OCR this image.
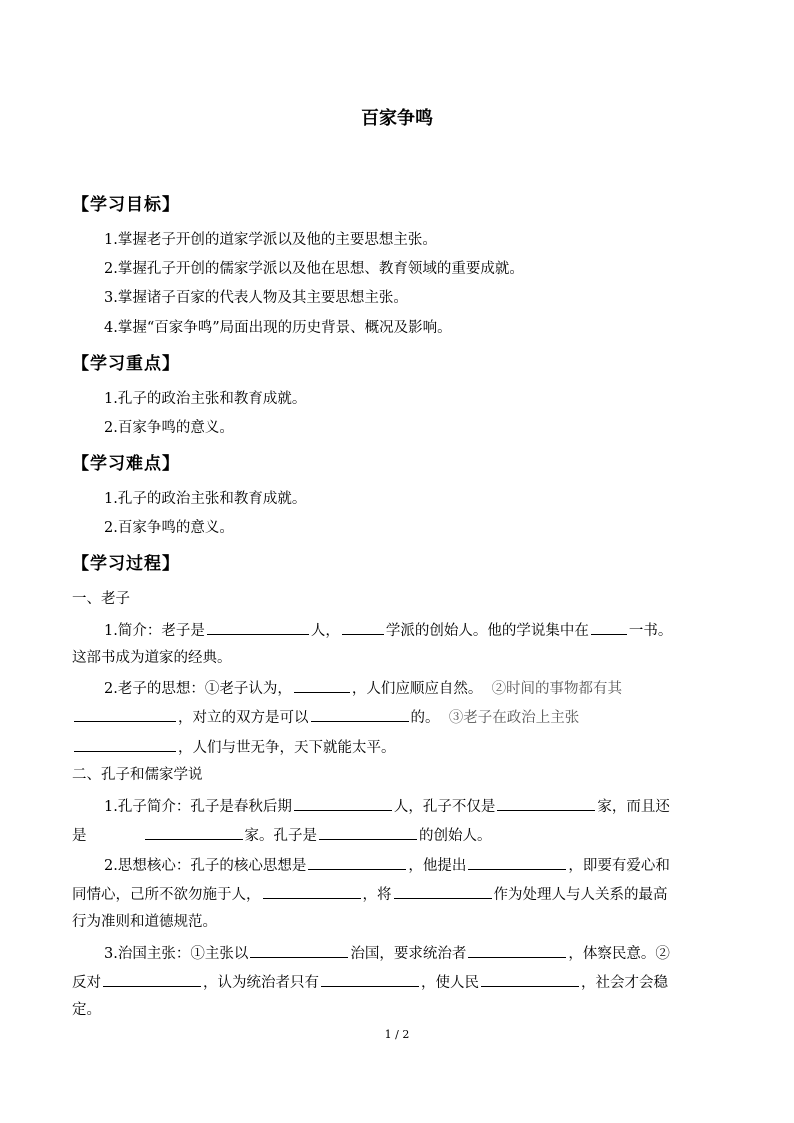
百家争鸣
【学习目标】
1.掌握老子开创的道家学派以及他的主要思想主张。
2.掌握孔子开创的儒家学派以及他在思想、教育领域的重要成就。
3.掌握诸子百家的代表人物及其主要思想主张。
4.掌握“百家争鸣”局面出现的历史背景、概况及影响。
【学习重点】
1.孔子的政治主张和教育成就。
2.百家争鸣的意义。
【学习难点】
1.孔子的政治主张和教育成就。
2.百家争鸣的意义。
【学习过程】
一、老子
1.简介：老子是	人，	学派的创始人。他的学说集中在	一书。
这部书成为道家的经典。
2.老子的思想：①老子认为，	，人们应顺应自然。 ②时间的事物都有其
，对立的双方是可以	的。 ③老子在政治上主张
，人们与世无争，天下就能太平。
二、孔子和儒家学说
1.孔子简介：孔子是春秋后期	人，孔子不仅是	家，而且还
是	家。孔子是	的创始人。
2.思想核心：孔子的核心思想是	，他提出	，即要有爱心和
同情心，己所不欲勿施于人，	，将	作为处理人与人关系的最高
行为准则和道德规范。
3.治国主张：①主张以	治国，要求统治者	，体察民意。②
反对	，认为统治者只有	，使人民	，社会才会稳
定。
1 / 2
